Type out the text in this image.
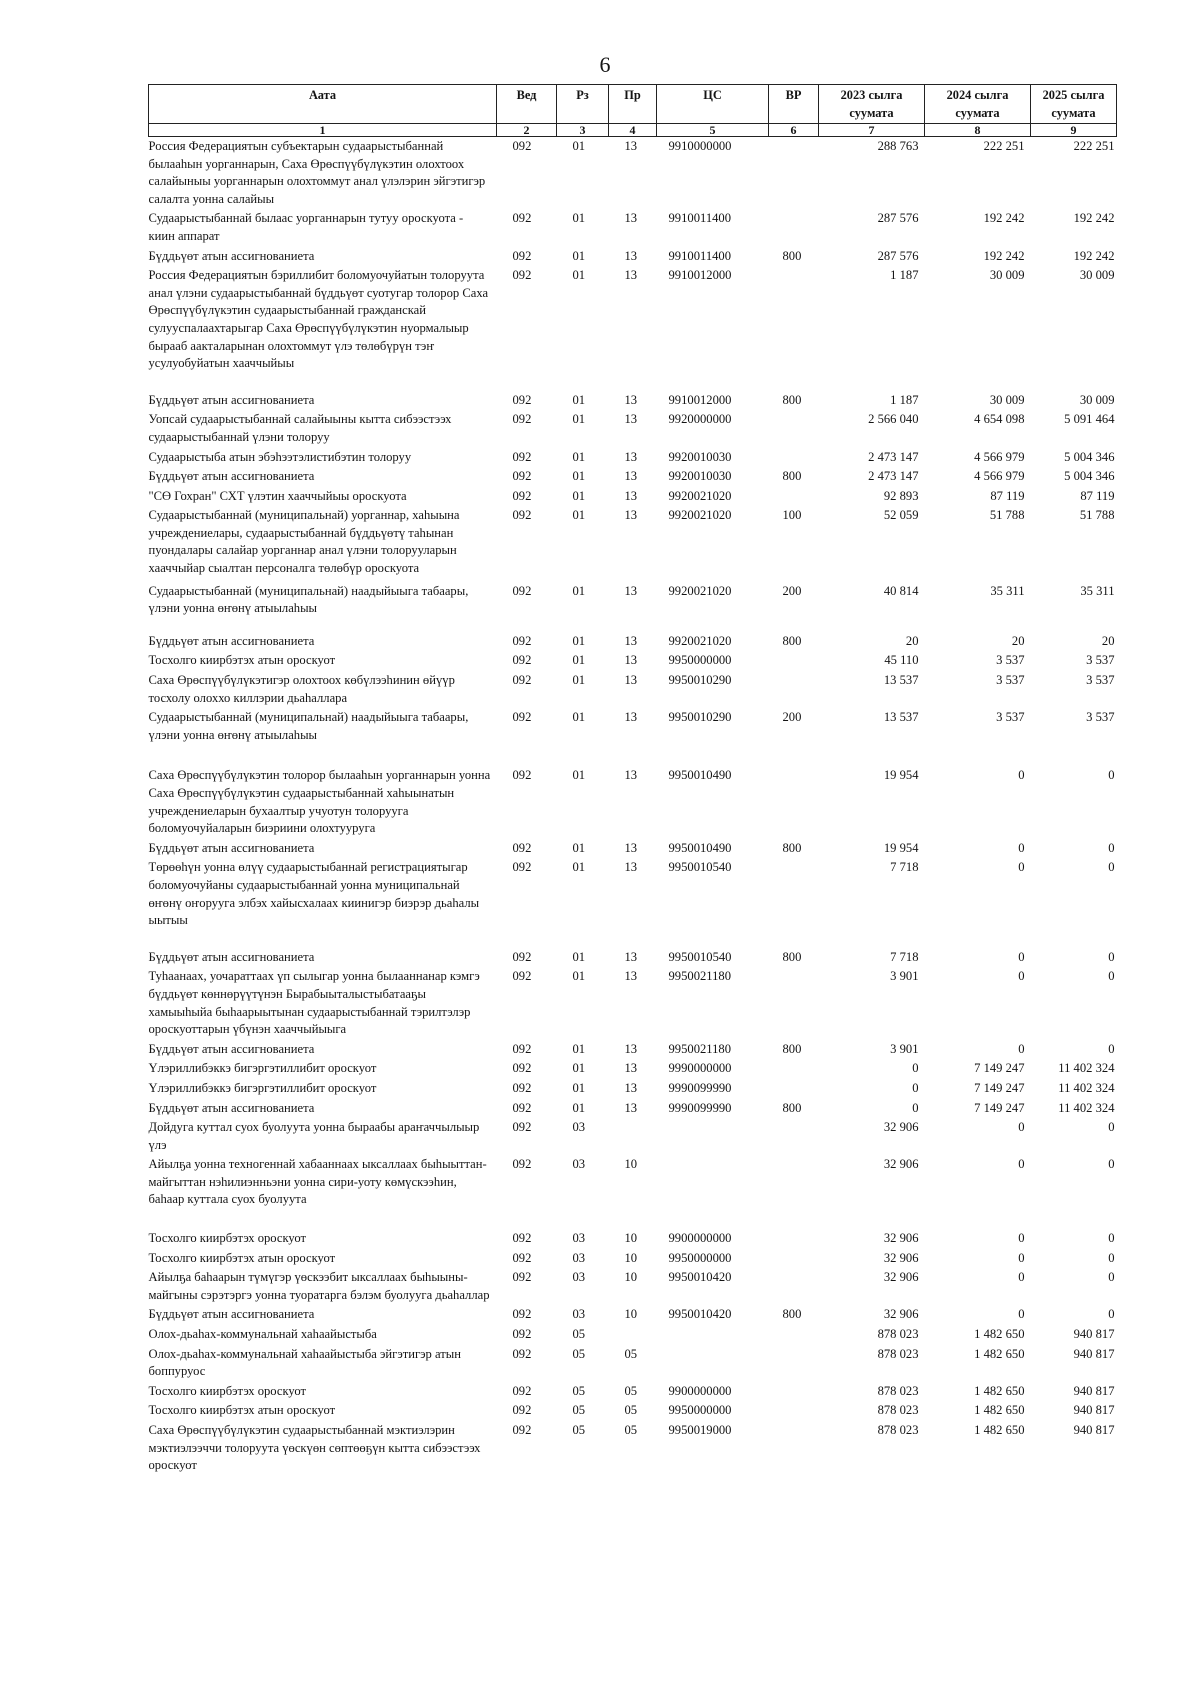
6
Аата	Вед	Рз	Пр	ЦС	ВР	2023 сылга суумата	2024 сылга суумата	2025 сылга суумата
1	2	3	4	5	6	7	8	9
Россия Федерациятын субъектарын судаарыстыбаннай былааһын уорганнарын, Саха Өрөспүүбүлүкэтин олохтоох салайыныы уорганнарын олохтоммут анал үлэлэрин эйгэтигэр салалта уонна салайыы	092	01	13	9910000000		288 763	222 251	222 251
Судаарыстыбаннай былаас уорганнарын тутуу ороскуота - киин аппарат	092	01	13	9910011400		287 576	192 242	192 242
Бүддьүөт атын ассигнованиета	092	01	13	9910011400	800	287 576	192 242	192 242
Россия Федерациятын бэриллибит боломуочуйатын толоруута анал үлэни судаарыстыбаннай бүддьүөт суотугар толорор Саха Өрөспүүбүлүкэтин судаарыстыбаннай гражданскай сулууспалаахтарыгар Саха Өрөспүүбүлүкэтин нуормалыыр бырааб аакталарынан олохтоммут үлэ төлөбүрүн тэҥ усулуобуйатын хааччыйыы	092	01	13	9910012000		1 187	30 009	30 009
Бүддьүөт атын ассигнованиета	092	01	13	9910012000	800	1 187	30 009	30 009
Уопсай судаарыстыбаннай салайыыны кытта сибээстээх судаарыстыбаннай үлэни толоруу	092	01	13	9920000000		2 566 040	4 654 098	5 091 464
Судаарыстыба атын эбэһээтэлистибэтин толоруу	092	01	13	9920010030		2 473 147	4 566 979	5 004 346
Бүддьүөт атын ассигнованиета	092	01	13	9920010030	800	2 473 147	4 566 979	5 004 346
"СӨ Гохран" СХТ үлэтин хааччыйыы ороскуота	092	01	13	9920021020		92 893	87 119	87 119
Судаарыстыбаннай (муниципальнай) уорганнар, хаһыына учреждениелары, судаарыстыбаннай бүддьүөтү таһынан пуондалары салайар уорганнар анал үлэни толорууларын хааччыйар сыалтан персоналга төлөбүр ороскуота	092	01	13	9920021020	100	52 059	51 788	51 788
Судаарыстыбаннай (муниципальнай) наадыйыыга табаары, үлэни уонна өҥөнү атыылаһыы	092	01	13	9920021020	200	40 814	35 311	35 311
Бүддьүөт атын ассигнованиета	092	01	13	9920021020	800	20	20	20
Тосхолго киирбэтэх атын ороскуот	092	01	13	9950000000		45 110	3 537	3 537
Саха Өрөспүүбүлүкэтигэр олохтоох көбүлээһинин өйүүр тосхолу олоххо киллэрии дьаһаллара	092	01	13	9950010290		13 537	3 537	3 537
Судаарыстыбаннай (муниципальнай) наадыйыыга табаары, үлэни уонна өҥөнү атыылаһыы	092	01	13	9950010290	200	13 537	3 537	3 537
Саха Өрөспүүбүлүкэтин толорор былааһын уорганнарын уонна Саха Өрөспүүбүлүкэтин судаарыстыбаннай хаһыынатын учреждениеларын бухаалтыр учуотун толорууга боломуочуйаларын биэриини олохтууруга	092	01	13	9950010490		19 954	0	0
Бүддьүөт атын ассигнованиета	092	01	13	9950010490	800	19 954	0	0
Төрөөһүн уонна өлүү судаарыстыбаннай регистрациятыгар боломуочуйаны судаарыстыбаннай уонна муниципальнай өҥөнү оҥорууга элбэх хайысхалаах киинигэр биэрэр дьаһалы ыытыы	092	01	13	9950010540		7 718	0	0
Бүддьүөт атын ассигнованиета	092	01	13	9950010540	800	7 718	0	0
Туһаанаах, уочараттаах үп сылыгар уонна былааннанар кэмгэ бүддьүөт көннөрүүтүнэн Бырабыыталыстыбатааҕы хамыыһыйа быһаарыытынан судаарыстыбаннай тэрилтэлэр ороскуоттарын үбүнэн хааччыйыыга	092	01	13	9950021180		3 901	0	0
Бүддьүөт атын ассигнованиета	092	01	13	9950021180	800	3 901	0	0
Үлэриллибэккэ бигэргэтиллибит ороскуот	092	01	13	9990000000		0	7 149 247	11 402 324
Үлэриллибэккэ бигэргэтиллибит ороскуот	092	01	13	9990099990		0	7 149 247	11 402 324
Бүддьүөт атын ассигнованиета	092	01	13	9990099990	800	0	7 149 247	11 402 324
Дойдуга куттал суох буолуута уонна быраабы араҥаччылыыр үлэ	092	03				32 906	0	0
Айылҕа уонна техногеннай хабааннаах ыксаллаах быһыыттан-майгыттан нэһилиэнньэни уонна сири-уоту көмүскээһин, баһаар куттала суох буолуута	092	03	10			32 906	0	0
Тосхолго киирбэтэх ороскуот	092	03	10	9900000000		32 906	0	0
Тосхолго киирбэтэх атын ороскуот	092	03	10	9950000000		32 906	0	0
Айылҕа баһаарын түмүгэр үөскээбит ыксаллаах быһыыны-майгыны сэрэтэргэ уонна туоратарга бэлэм буолууга дьаһаллар	092	03	10	9950010420		32 906	0	0
Бүддьүөт атын ассигнованиета	092	03	10	9950010420	800	32 906	0	0
Олох-дьаһах-коммунальнай хаһаайыстыба	092	05				878 023	1 482 650	940 817
Олох-дьаһах-коммунальнай хаһаайыстыба эйгэтигэр атын боппуруос	092	05	05			878 023	1 482 650	940 817
Тосхолго киирбэтэх ороскуот	092	05	05	9900000000		878 023	1 482 650	940 817
Тосхолго киирбэтэх атын ороскуот	092	05	05	9950000000		878 023	1 482 650	940 817
Саха Өрөспүүбүлүкэтин судаарыстыбаннай мэктиэлэрин мэктиэлээччи толоруута үөскүөн сөптөөҕүн кытта сибээстээх ороскуот	092	05	05	9950019000		878 023	1 482 650	940 817
